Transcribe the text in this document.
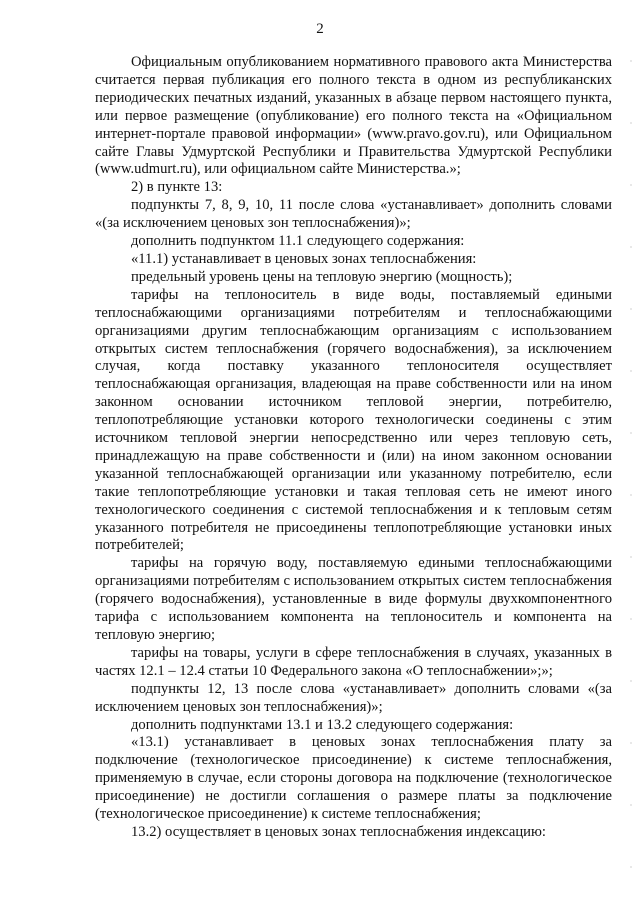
2

Официальным опубликованием нормативного правового акта Министерства считается первая публикация его полного текста в одном из республиканских периодических печатных изданий, указанных в абзаце первом настоящего пункта, или первое размещение (опубликование) его полного текста на «Официальном интернет-портале правовой информации» (www.pravo.gov.ru), или Официальном сайте Главы Удмуртской Республики и Правительства Удмуртской Республики (www.udmurt.ru), или официальном сайте Министерства.»;

2) в пункте 13:

подпункты 7, 8, 9, 10, 11 после слова «устанавливает» дополнить словами «(за исключением ценовых зон теплоснабжения)»;

дополнить подпунктом 11.1 следующего содержания:

«11.1) устанавливает в ценовых зонах теплоснабжения:

предельный уровень цены на тепловую энергию (мощность);

тарифы на теплоноситель в виде воды, поставляемый едиными теплоснабжающими организациями потребителям и теплоснабжающими организациями другим теплоснабжающим организациям с использованием открытых систем теплоснабжения (горячего водоснабжения), за исключением случая, когда поставку указанного теплоносителя осуществляет теплоснабжающая организация, владеющая на праве собственности или на ином законном основании источником тепловой энергии, потребителю, теплопотребляющие установки которого технологически соединены с этим источником тепловой энергии непосредственно или через тепловую сеть, принадлежащую на праве собственности и (или) на ином законном основании указанной теплоснабжающей организации или указанному потребителю, если такие теплопотребляющие установки и такая тепловая сеть не имеют иного технологического соединения с системой теплоснабжения и к тепловым сетям указанного потребителя не присоединены теплопотребляющие установки иных потребителей;

тарифы на горячую воду, поставляемую едиными теплоснабжающими организациями потребителям с использованием открытых систем теплоснабжения (горячего водоснабжения), установленные в виде формулы двухкомпонентного тарифа с использованием компонента на теплоноситель и компонента на тепловую энергию;

тарифы на товары, услуги в сфере теплоснабжения в случаях, указанных в частях 12.1 – 12.4 статьи 10 Федерального закона «О теплоснабжении»;»;

подпункты 12, 13 после слова «устанавливает» дополнить словами «(за исключением ценовых зон теплоснабжения)»;

дополнить подпунктами 13.1 и 13.2 следующего содержания:

«13.1) устанавливает в ценовых зонах теплоснабжения плату за подключение (технологическое присоединение) к системе теплоснабжения, применяемую в случае, если стороны договора на подключение (технологическое присоединение) не достигли соглашения о размере платы за подключение (технологическое присоединение) к системе теплоснабжения;

13.2) осуществляет в ценовых зонах теплоснабжения индексацию:
